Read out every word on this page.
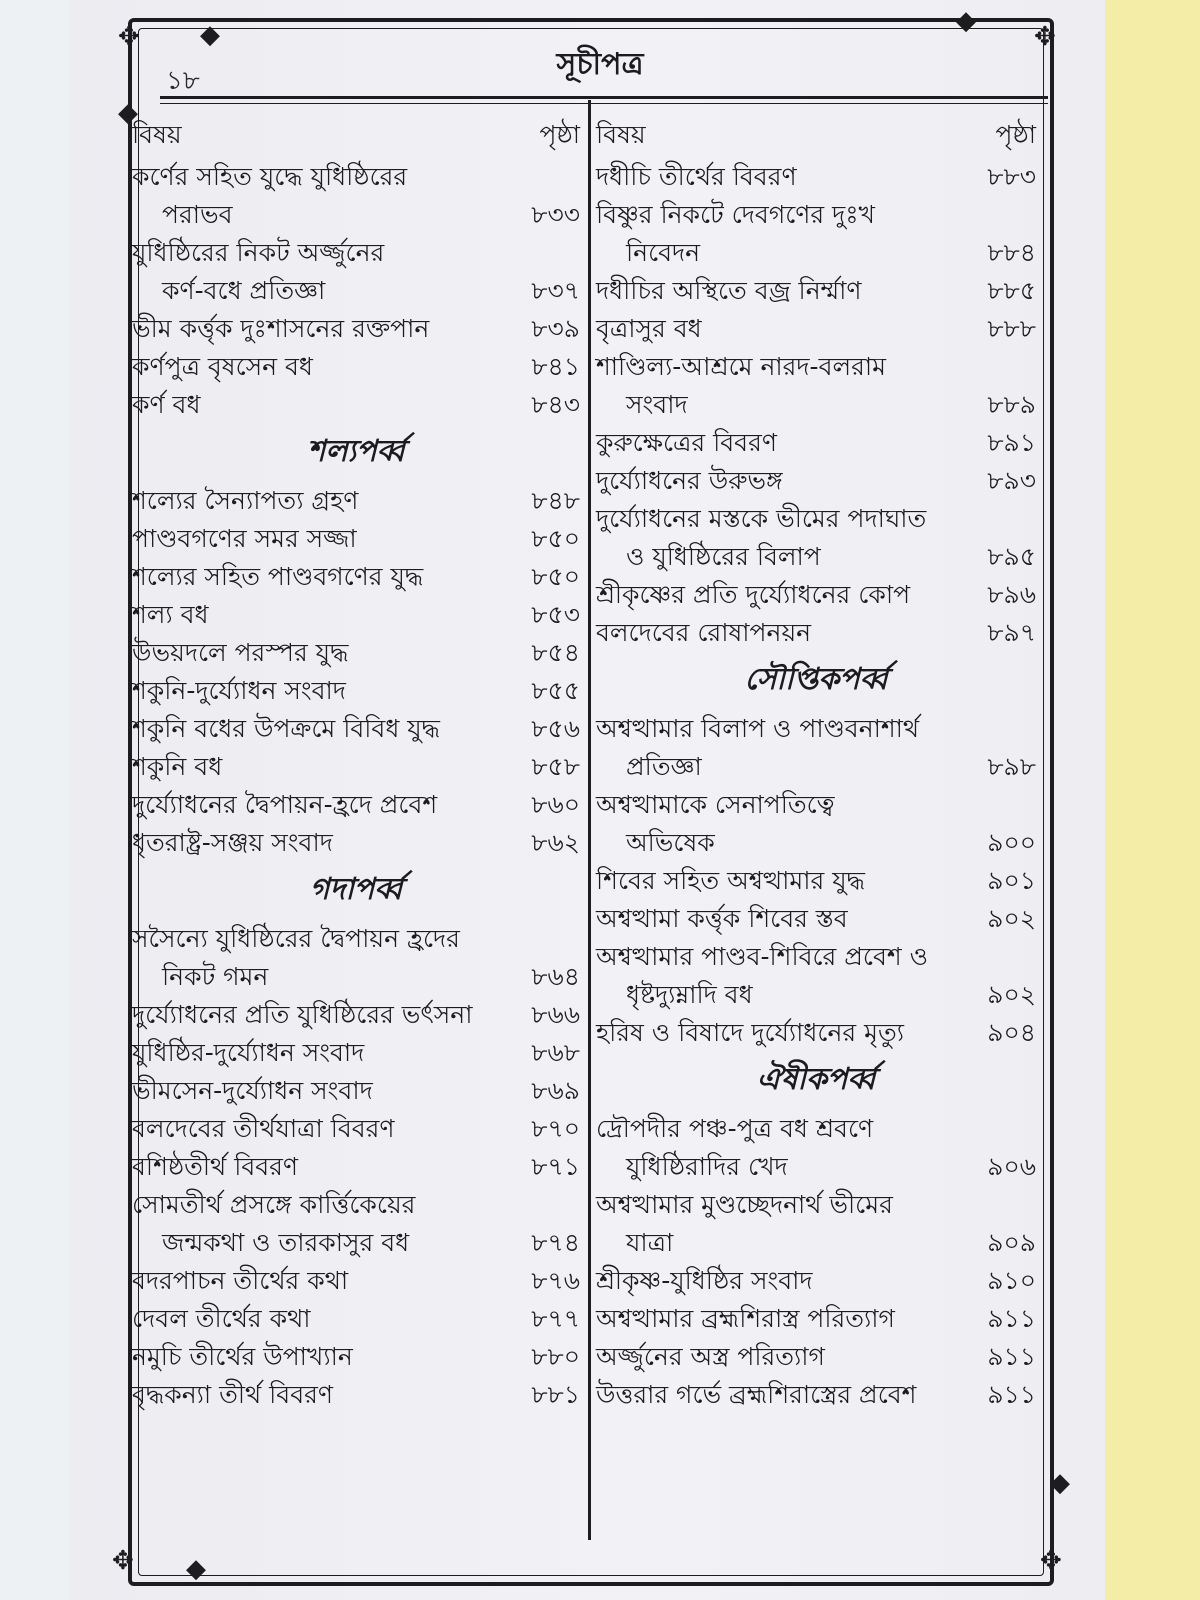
✥	✥
✥	✥
◆	◆
◆
◆
◆
১৮	সূচীপত্র
বিষয়	পৃষ্ঠা
কর্ণের সহিত যুদ্ধে যুধিষ্ঠিরের
পরাভব	৮৩৩
যুধিষ্ঠিরের নিকট অর্জ্জুনের
কর্ণ-বধে প্রতিজ্ঞা	৮৩৭
ভীম কর্ত্তৃক দুঃশাসনের রক্তপান	৮৩৯
কর্ণপুত্র বৃষসেন বধ	৮৪১
কর্ণ বধ	৮৪৩
শল্যপর্ব্ব
শল্যের সৈন্যাপত্য গ্রহণ	৮৪৮
পাণ্ডবগণের সমর সজ্জা	৮৫০
শল্যের সহিত পাণ্ডবগণের যুদ্ধ	৮৫০
শল্য বধ	৮৫৩
উভয়দলে পরস্পর যুদ্ধ	৮৫৪
শকুনি-দুর্য্যোধন সংবাদ	৮৫৫
শকুনি বধের উপক্রমে বিবিধ যুদ্ধ	৮৫৬
শকুনি বধ	৮৫৮
দুর্য্যোধনের দ্বৈপায়ন-হ্রদে প্রবেশ	৮৬০
ধৃতরাষ্ট্র-সঞ্জয় সংবাদ	৮৬২
গদাপর্ব্ব
সসৈন্যে যুধিষ্ঠিরের দ্বৈপায়ন হ্রদের
নিকট গমন	৮৬৪
দুর্য্যোধনের প্রতি যুধিষ্ঠিরের ভর্ৎসনা	৮৬৬
যুধিষ্ঠির-দুর্য্যোধন সংবাদ	৮৬৮
ভীমসেন-দুর্য্যোধন সংবাদ	৮৬৯
বলদেবের তীর্থযাত্রা বিবরণ	৮৭০
বশিষ্ঠতীর্থ বিবরণ	৮৭১
সোমতীর্থ প্রসঙ্গে কার্ত্তিকেয়ের
জন্মকথা ও তারকাসুর বধ	৮৭৪
বদরপাচন তীর্থের কথা	৮৭৬
দেবল তীর্থের কথা	৮৭৭
নমুচি তীর্থের উপাখ্যান	৮৮০
বৃদ্ধকন্যা তীর্থ বিবরণ	৮৮১
বিষয়	পৃষ্ঠা
দধীচি তীর্থের বিবরণ	৮৮৩
বিষ্ণুর নিকটে দেবগণের দুঃখ
নিবেদন	৮৮৪
দধীচির অস্থিতে বজ্র নির্ম্মাণ	৮৮৫
বৃত্রাসুর বধ	৮৮৮
শাণ্ডিল্য-আশ্রমে নারদ-বলরাম
সংবাদ	৮৮৯
কুরুক্ষেত্রের বিবরণ	৮৯১
দুর্য্যোধনের উরুভঙ্গ	৮৯৩
দুর্য্যোধনের মস্তকে ভীমের পদাঘাত
ও যুধিষ্ঠিরের বিলাপ	৮৯৫
শ্রীকৃষ্ণের প্রতি দুর্য্যোধনের কোপ	৮৯৬
বলদেবের রোষাপনয়ন	৮৯৭
সৌপ্তিকপর্ব্ব
অশ্বত্থামার বিলাপ ও পাণ্ডবনাশার্থ
প্রতিজ্ঞা	৮৯৮
অশ্বত্থামাকে সেনাপতিত্বে
অভিষেক	৯০০
শিবের সহিত অশ্বত্থামার যুদ্ধ	৯০১
অশ্বত্থামা কর্ত্তৃক শিবের স্তব	৯০২
অশ্বত্থামার পাণ্ডব-শিবিরে প্রবেশ ও
ধৃষ্টদ্যুম্নাদি বধ	৯০২
হরিষ ও বিষাদে দুর্য্যোধনের মৃত্যু	৯০৪
ঐষীকপর্ব্ব
দ্রৌপদীর পঞ্চ-পুত্র বধ শ্রবণে
যুধিষ্ঠিরাদির খেদ	৯০৬
অশ্বত্থামার মুণ্ডচ্ছেদনার্থ ভীমের
যাত্রা	৯০৯
শ্রীকৃষ্ণ-যুধিষ্ঠির সংবাদ	৯১০
অশ্বত্থামার ব্রহ্মশিরাস্ত্র পরিত্যাগ	৯১১
অর্জ্জুনের অস্ত্র পরিত্যাগ	৯১১
উত্তরার গর্ভে ব্রহ্মশিরাস্ত্রের প্রবেশ	৯১১
